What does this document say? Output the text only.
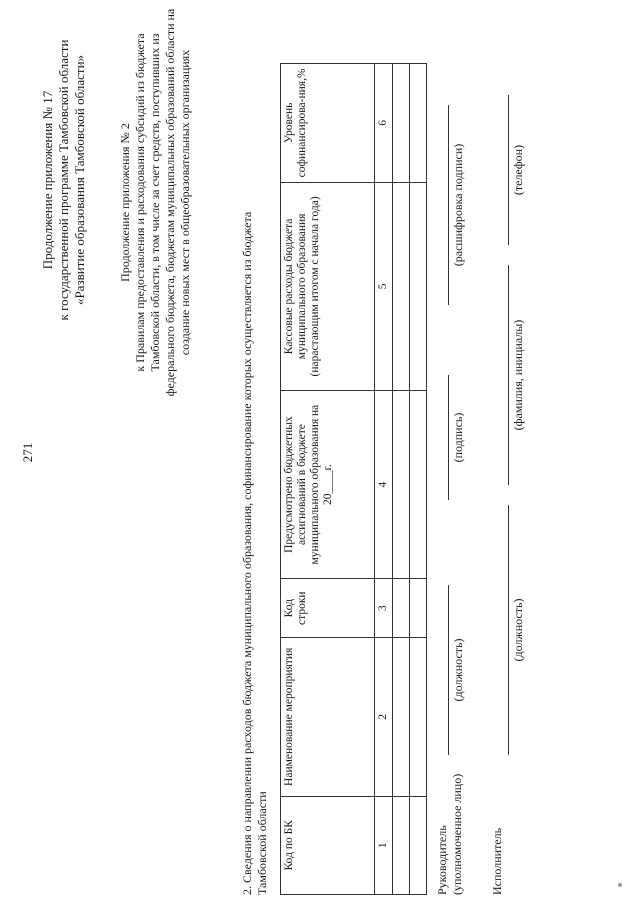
271
Продолжение приложения № 17 к государственной программе Тамбовской области «Развитие образования Тамбовской области»	Продолжение приложения № 2 к Правилам предоставления и расходования субсидий из бюджета Тамбовской области, в том числе за счет средств, поступивших из федерального бюджета, бюджетам муниципальных образований области на создание новых мест в общеобразовательных организациях
2. Сведения о направлении расходов бюджета муниципального образования, софинансирование которых осуществляется из бюджета Тамбовской области Код по БК	Наименование мероприятия	Код строки	Предусмотрено бюджетных ассигнований в бюджете муниципального образования на 20____г.	Кассовые расходы бюджета муниципального образования (нарастающим итогом с начала года)	Уровень софинансирова-ния,%
1	2	3	4	5	6

Руководитель (уполномоченное лицо)
(должность)
(подпись)
(расшифровка подписи)
Исполнитель
(должность)
(фамилия, инициалы)
(телефон)
